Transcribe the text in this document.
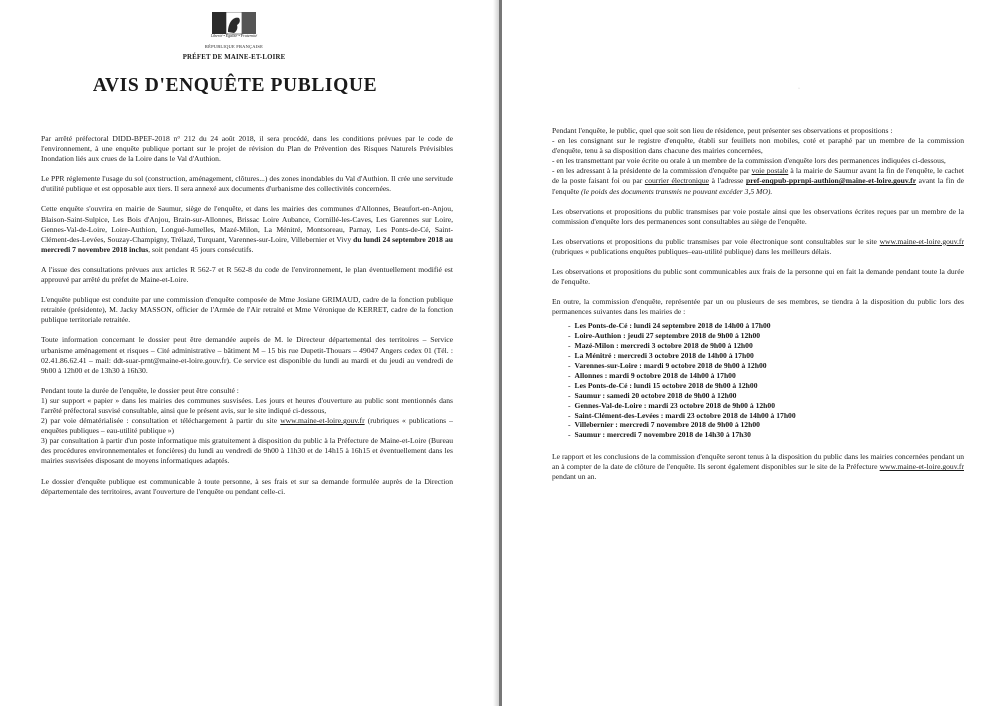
Liberté • Égalité • Fraternité
RÉPUBLIQUE FRANÇAISE
PRÉFET DE MAINE-ET-LOIRE
AVIS D'ENQUÊTE PUBLIQUE

Par arrêté préfectoral DIDD-BPEF-2018 n° 212 du 24 août 2018, il sera procédé, dans les conditions prévues par le code de l'environnement, à une enquête publique portant sur le projet de révision du Plan de Prévention des Risques Naturels Prévisibles Inondation liés aux crues de la Loire dans le Val d'Authion.

Le PPR réglemente l'usage du sol (construction, aménagement, clôtures...) des zones inondables du Val d'Authion. Il crée une servitude d'utilité publique et est opposable aux tiers. Il sera annexé aux documents d'urbanisme des collectivités concernées.

Cette enquête s'ouvrira en mairie de Saumur, siège de l'enquête, et dans les mairies des communes d'Allonnes, Beaufort-en-Anjou, Blaison-Saint-Sulpice, Les Bois d'Anjou, Brain-sur-Allonnes, Brissac Loire Aubance, Cornillé-les-Caves, Les Garennes sur Loire, Gennes-Val-de-Loire, Loire-Authion, Longué-Jumelles, Mazé-Milon, La Ménitré, Montsoreau, Parnay, Les Ponts-de-Cé, Saint-Clément-des-Levées, Souzay-Champigny, Trélazé, Turquant, Varennes-sur-Loire, Villebernier et Vivy du lundi 24 septembre 2018 au mercredi 7 novembre 2018 inclus, soit pendant 45 jours consécutifs.

A l'issue des consultations prévues aux articles R 562-7 et R 562-8 du code de l'environnement, le plan éventuellement modifié est approuvé par arrêté du préfet de Maine-et-Loire.

L'enquête publique est conduite par une commission d'enquête composée de Mme Josiane GRIMAUD, cadre de la fonction publique retraitée (présidente), M. Jacky MASSON, officier de l'Armée de l'Air retraité et Mme Véronique de KERRET, cadre de la fonction publique territoriale retraitée.

Toute information concernant le dossier peut être demandée auprès de M. le Directeur départemental des territoires – Service urbanisme aménagement et risques – Cité administrative – bâtiment M – 15 bis rue Dupetit-Thouars – 49047 Angers cedex 01 (Tél. : 02.41.86.62.41 – mail: ddt-suar-prnt@maine-et-loire.gouv.fr). Ce service est disponible du lundi au mardi et du jeudi au vendredi de 9h00 à 12h00 et de 13h30 à 16h30.

Pendant toute la durée de l'enquête, le dossier peut être consulté :
1) sur support « papier » dans les mairies des communes susvisées. Les jours et heures d'ouverture au public sont mentionnés dans l'arrêté préfectoral susvisé consultable, ainsi que le présent avis, sur le site indiqué ci-dessous,
2) par voie dématérialisée : consultation et téléchargement à partir du site www.maine-et-loire.gouv.fr (rubriques « publications – enquêtes publiques – eau-utilité publique »)
3) par consultation à partir d'un poste informatique mis gratuitement à disposition du public à la Préfecture de Maine-et-Loire (Bureau des procédures environnementales et foncières) du lundi au vendredi de 9h00 à 11h30 et de 14h15 à 16h15 et éventuellement dans les mairies susvisées disposant de moyens informatiques adaptés.

Le dossier d'enquête publique est communicable à toute personne, à ses frais et sur sa demande formulée auprès de la Direction départementale des territoires, avant l'ouverture de l'enquête ou pendant celle-ci.

·

Pendant l'enquête, le public, quel que soit son lieu de résidence, peut présenter ses observations et propositions :
- en les consignant sur le registre d'enquête, établi sur feuillets non mobiles, coté et paraphé par un membre de la commission d'enquête, tenu à sa disposition dans chacune des mairies concernées,
- en les transmettant par voie écrite ou orale à un membre de la commission d'enquête lors des permanences indiquées ci-dessous,
- en les adressant à la présidente de la commission d'enquête par voie postale à la mairie de Saumur avant la fin de l'enquête, le cachet de la poste faisant foi ou par courrier électronique à l'adresse pref-enqpub-pprnpi-authion@maine-et-loire.gouv.fr avant la fin de l'enquête (le poids des documents transmis ne pouvant excéder 3,5 MO).

Les observations et propositions du public transmises par voie postale ainsi que les observations écrites reçues par un membre de la commission d'enquête lors des permanences sont consultables au siège de l'enquête.

Les observations et propositions du public transmises par voie électronique sont consultables sur le site www.maine-et-loire.gouv.fr (rubriques « publications enquêtes publiques–eau-utilité publique) dans les meilleurs délais.

Les observations et propositions du public sont communicables aux frais de la personne qui en fait la demande pendant toute la durée de l'enquête.

En outre, la commission d'enquête, représentée par un ou plusieurs de ses membres, se tiendra à la disposition du public lors des permanences suivantes dans les mairies de :

- Les Ponts-de-Cé : lundi 24 septembre 2018 de 14h00 à 17h00
- Loire-Authion : jeudi 27 septembre 2018 de 9h00 à 12h00
- Mazé-Milon : mercredi 3 octobre 2018 de 9h00 à 12h00
- La Ménitré : mercredi 3 octobre 2018 de 14h00 à 17h00
- Varennes-sur-Loire : mardi 9 octobre 2018 de 9h00 à 12h00
- Allonnes : mardi 9 octobre 2018 de 14h00 à 17h00
- Les Ponts-de-Cé : lundi 15 octobre 2018 de 9h00 à 12h00
- Saumur : samedi 20 octobre 2018 de 9h00 à 12h00
- Gennes-Val-de-Loire : mardi 23 octobre 2018 de 9h00 à 12h00
- Saint-Clément-des-Levées : mardi 23 octobre 2018 de 14h00 à 17h00
- Villebernier : mercredi 7 novembre 2018 de 9h00 à 12h00
- Saumur : mercredi 7 novembre 2018 de 14h30 à 17h30

Le rapport et les conclusions de la commission d'enquête seront tenus à la disposition du public dans les mairies concernées pendant un an à compter de la date de clôture de l'enquête. Ils seront également disponibles sur le site de la Préfecture www.maine-et-loire.gouv.fr pendant un an.
